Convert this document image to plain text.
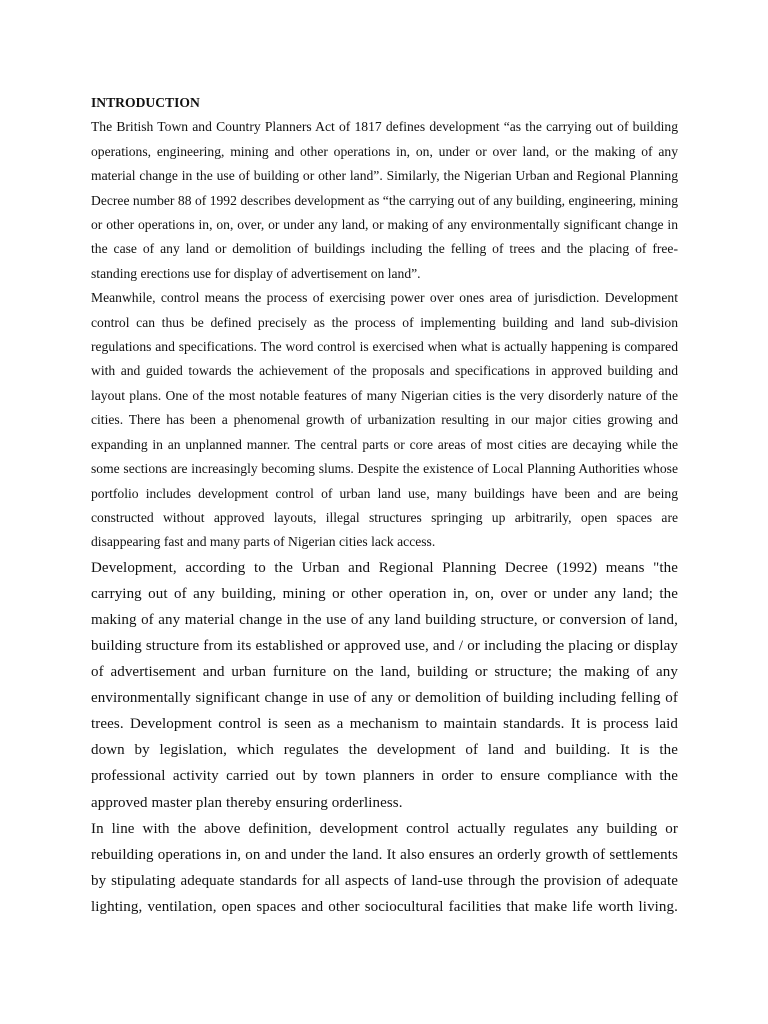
INTRODUCTION

The British Town and Country Planners Act of 1817 defines development “as the carrying out of building operations, engineering, mining and other operations in, on, under or over land, or the making of any material change in the use of building or other land”. Similarly, the Nigerian Urban and Regional Planning Decree number 88 of 1992 describes development as “the carrying out of any building, engineering, mining or other operations in, on, over, or under any land, or making of any environmentally significant change in the case of any land or demolition of buildings including the felling of trees and the placing of free-standing erections use for display of advertisement on land”.

Meanwhile, control means the process of exercising power over ones area of jurisdiction. Development control can thus be defined precisely as the process of implementing building and land sub-division regulations and specifications. The word control is exercised when what is actually happening is compared with and guided towards the achievement of the proposals and specifications in approved building and layout plans. One of the most notable features of many Nigerian cities is the very disorderly nature of the cities. There has been a phenomenal growth of urbanization resulting in our major cities growing and expanding in an unplanned manner. The central parts or core areas of most cities are decaying while the some sections are increasingly becoming slums. Despite the existence of Local Planning Authorities whose portfolio includes development control of urban land use, many buildings have been and are being constructed without approved layouts, illegal structures springing up arbitrarily, open spaces are disappearing fast and many parts of Nigerian cities lack access.

Development, according to the Urban and Regional Planning Decree (1992) means "the carrying out of any building, mining or other operation in, on, over or under any land; the making of any material change in the use of any land building structure, or conversion of land, building structure from its established or approved use, and / or including the placing or display of advertisement and urban furniture on the land, building or structure; the making of any environmentally significant change in use of any or demolition of building including felling of trees. Development control is seen as a mechanism to maintain standards. It is process laid down by legislation, which regulates the development of land and building. It is the professional activity carried out by town planners in order to ensure compliance with the approved master plan thereby ensuring orderliness.

In line with the above definition, development control actually regulates any building or rebuilding operations in, on and under the land. It also ensures an orderly growth of settlements by stipulating adequate standards for all aspects of land-use through the provision of adequate lighting, ventilation, open spaces and other sociocultural facilities that make life worth living.
